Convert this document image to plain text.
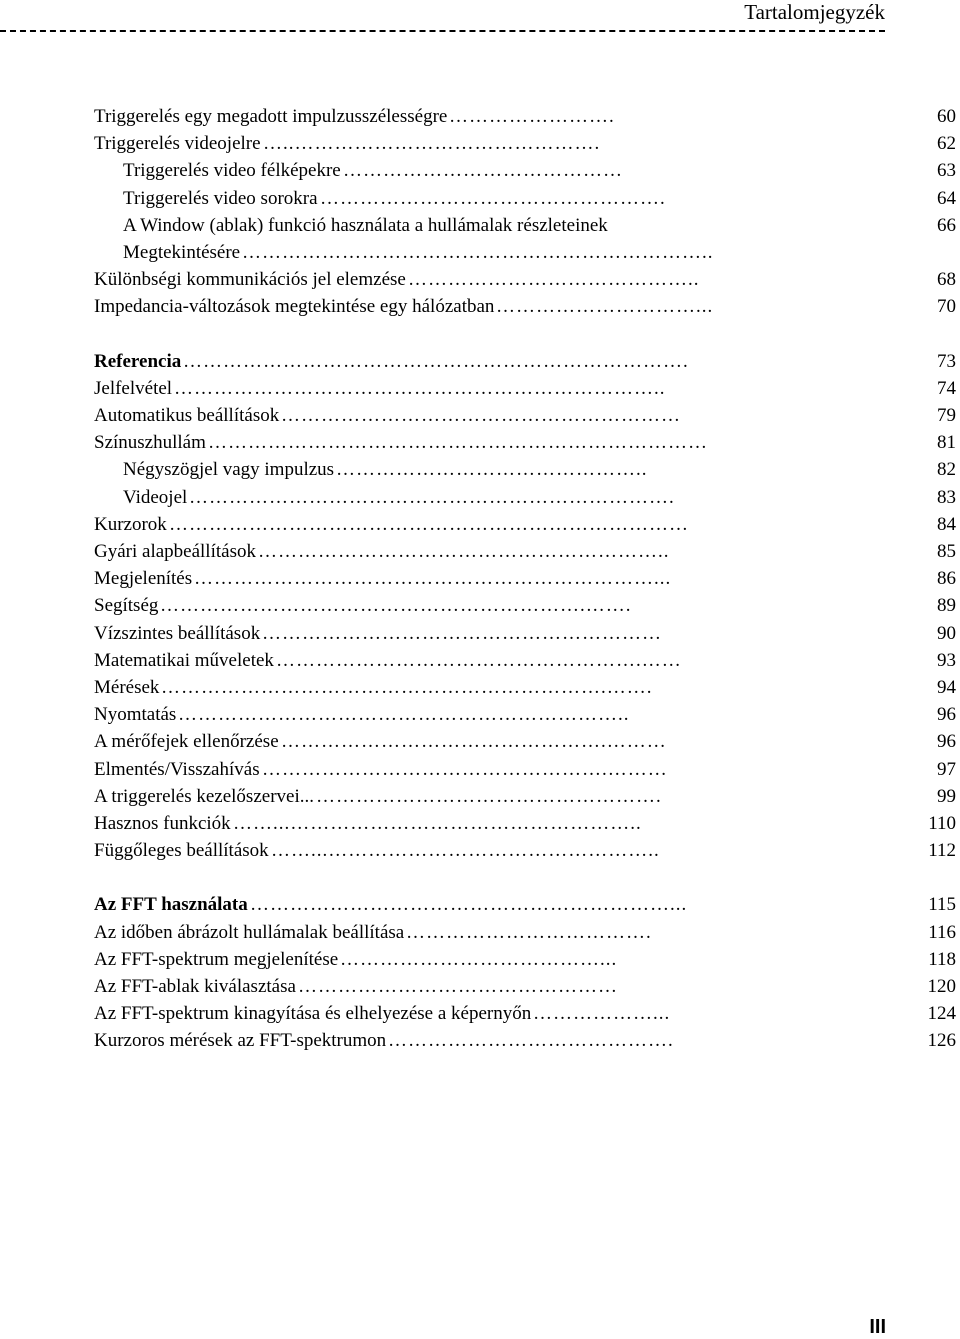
Tartalomjegyzék
Triggerelés egy megadott impulzusszélességre …………………….	60
Triggerelés videojelre …..……………………………………….	62
Triggerelés video félképekre ……………………………………	63
Triggerelés video sorokra …………………………………………….	64
A Window (ablak) funkció használata a hullámalak részleteinek	66
Megtekintésére ……………………………………………………………..
Különbségi kommunikációs jel elemzése ……………………………………..	68
Impedancia-változások megtekintése egy hálózatban …………………………...	70
Referencia ………………………………………………………………….	73
Jelfelvétel ………………………………………………………………..	74
Automatikus beállítások ……………………………………………………	79
Színuszhullám …………………………………………………………………	81
Négyszögjel vagy impulzus ………………………………………..	82
Videojel ……………………………………………………………….	83
Kurzorok ……………………………………………………………………	84
Gyári alapbeállítások ……………………………………………………..	85
Megjelenítés ……………………………………………………………...	86
Segítség ……………………………………………………….…….	89
Vízszintes beállítások ……………………………………………………	90
Matematikai műveletek ……………………………………………….……	93
Mérések ………………………………………………………….…….	94
Nyomtatás …………………………………………………………..	96
A mérőfejek ellenőrzése ………………………………………….………	96
Elmentés/Visszahívás …………………………………………….………	97
A triggerelés kezelőszervei... …………………………………………….	99
Hasznos funkciók ……...……………………………………………..	110
Függőleges beállítások ……...…………………………………………..	112
Az FFT használata ………………………………………………………...	115
Az időben ábrázolt hullámalak beállítása ……………………………….	116
Az FFT-spektrum megjelenítése …………………………………...	118
Az FFT-ablak kiválasztása …………………………………………	120
Az FFT-spektrum kinagyítása és elhelyezése a képernyőn ………………...	124
Kurzoros mérések az FFT-spektrumon …………………………………….	126
III
